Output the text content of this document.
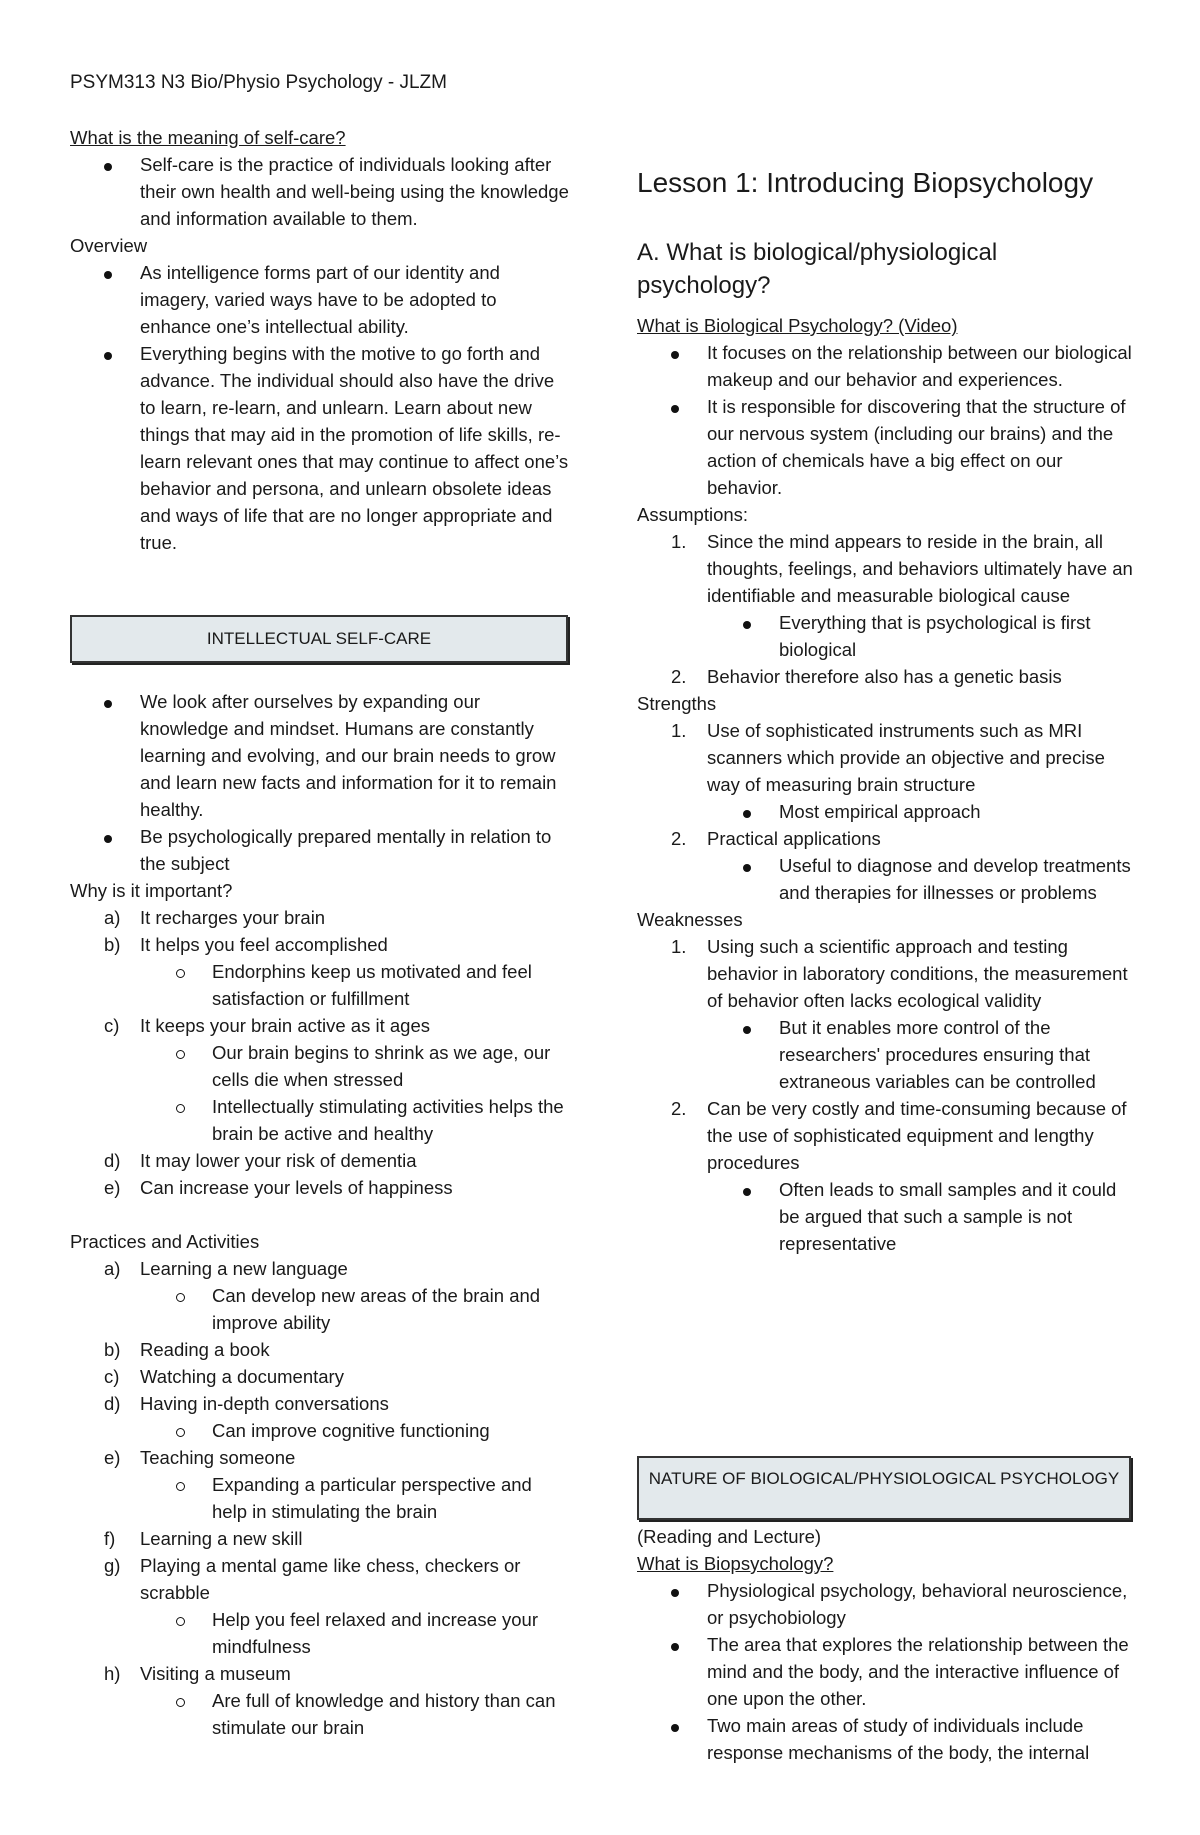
PSYM313 N3 Bio/Physio Psychology - JLZM
What is the meaning of self-care?
Self-care is the practice of individuals looking after their own health and well-being using the knowledge and information available to them.
Overview
As intelligence forms part of our identity and imagery, varied ways have to be adopted to enhance one’s intellectual ability.
Everything begins with the motive to go forth and advance. The individual should also have the drive to learn, re-learn, and unlearn. Learn about new things that may aid in the promotion of life skills, re-learn relevant ones that may continue to affect one’s behavior and persona, and unlearn obsolete ideas and ways of life that are no longer appropriate and true.
INTELLECTUAL SELF-CARE
We look after ourselves by expanding our knowledge and mindset. Humans are constantly learning and evolving, and our brain needs to grow and learn new facts and information for it to remain healthy.
Be psychologically prepared mentally in relation to the subject
Why is it important?
a)	It recharges your brain
b)	It helps you feel accomplished
Endorphins keep us motivated and feel satisfaction or fulfillment
c)	It keeps your brain active as it ages
Our brain begins to shrink as we age, our cells die when stressed
Intellectually stimulating activities helps the brain be active and healthy
d)	It may lower your risk of dementia
e)	Can increase your levels of happiness
Practices and Activities
a)	Learning a new language
Can develop new areas of the brain and improve ability
b)	Reading a book
c)	Watching a documentary
d)	Having in-depth conversations
Can improve cognitive functioning
e)	Teaching someone
Expanding a particular perspective and help in stimulating the brain
f)	Learning a new skill
g)	Playing a mental game like chess, checkers or scrabble
Help you feel relaxed and increase your mindfulness
h)	Visiting a museum
Are full of knowledge and history than can stimulate our brain
Lesson 1: Introducing Biopsychology
A. What is biological/physiological psychology?
What is Biological Psychology? (Video)
It focuses on the relationship between our biological makeup and our behavior and experiences.
It is responsible for discovering that the structure of our nervous system (including our brains) and the action of chemicals have a big effect on our behavior.
Assumptions:
1.	Since the mind appears to reside in the brain, all thoughts, feelings, and behaviors ultimately have an identifiable and measurable biological cause
Everything that is psychological is first biological
2.	Behavior therefore also has a genetic basis
Strengths
1.	Use of sophisticated instruments such as MRI scanners which provide an objective and precise way of measuring brain structure
Most empirical approach
2.	Practical applications
Useful to diagnose and develop treatments and therapies for illnesses or problems
Weaknesses
1.	Using such a scientific approach and testing behavior in laboratory conditions, the measurement of behavior often lacks ecological validity
But it enables more control of the researchers' procedures ensuring that extraneous variables can be controlled
2.	Can be very costly and time-consuming because of the use of sophisticated equipment and lengthy procedures
Often leads to small samples and it could be argued that such a sample is not representative
NATURE OF BIOLOGICAL/PHYSIOLOGICAL PSYCHOLOGY
(Reading and Lecture)
What is Biopsychology?
Physiological psychology, behavioral neuroscience, or psychobiology
The area that explores the relationship between the mind and the body, and the interactive influence of one upon the other.
Two main areas of study of individuals include response mechanisms of the body, the internal
